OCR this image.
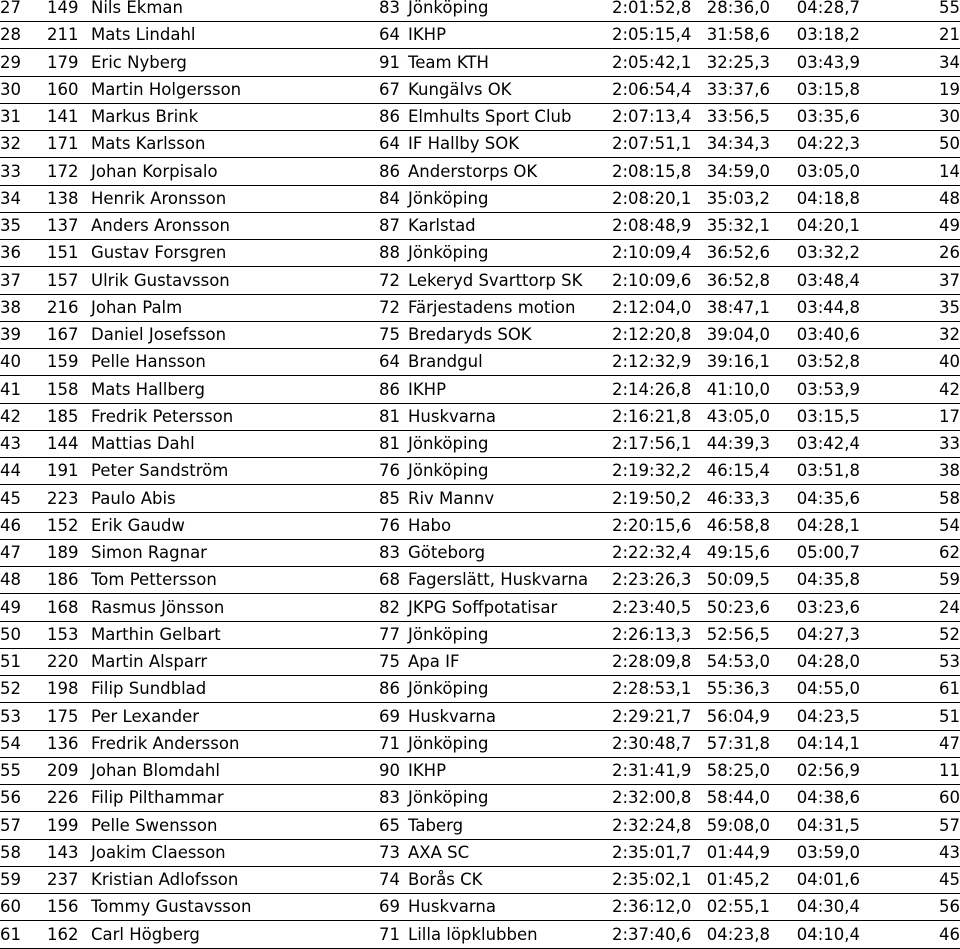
27	149 Nils Ekman	83 Jönköping	2:01:52,8 28:36,0	04:28,7	55
28	211 Mats Lindahl	64 IKHP	2:05:15,4 31:58,6	03:18,2	21
29	179 Eric Nyberg	91 Team KTH	2:05:42,1 32:25,3	03:43,9	34
30	160 Martin Holgersson	67 Kungälvs OK	2:06:54,4 33:37,6	03:15,8	19
31	141 Markus Brink	86 Elmhults Sport Club	2:07:13,4 33:56,5	03:35,6	30
32	171 Mats Karlsson	64 IF Hallby SOK	2:07:51,1 34:34,3	04:22,3	50
33	172 Johan Korpisalo	86 Anderstorps OK	2:08:15,8 34:59,0	03:05,0	14
34	138 Henrik Aronsson	84 Jönköping	2:08:20,1 35:03,2	04:18,8	48
35	137 Anders Aronsson	87 Karlstad	2:08:48,9 35:32,1	04:20,1	49
36	151 Gustav Forsgren	88 Jönköping	2:10:09,4 36:52,6	03:32,2	26
37	157 Ulrik Gustavsson	72 Lekeryd Svarttorp SK	2:10:09,6 36:52,8	03:48,4	37
38	216 Johan Palm	72 Färjestadens motion	2:12:04,0 38:47,1	03:44,8	35
39	167 Daniel Josefsson	75 Bredaryds SOK	2:12:20,8 39:04,0	03:40,6	32
40	159 Pelle Hansson	64 Brandgul	2:12:32,9 39:16,1	03:52,8	40
41	158 Mats Hallberg	86 IKHP	2:14:26,8 41:10,0	03:53,9	42
42	185 Fredrik Petersson	81 Huskvarna	2:16:21,8 43:05,0	03:15,5	17
43	144 Mattias Dahl	81 Jönköping	2:17:56,1 44:39,3	03:42,4	33
44	191 Peter Sandström	76 Jönköping	2:19:32,2 46:15,4	03:51,8	38
45	223 Paulo Abis	85 Riv Mannv	2:19:50,2 46:33,3	04:35,6	58
46	152 Erik Gaudw	76 Habo	2:20:15,6 46:58,8	04:28,1	54
47	189 Simon Ragnar	83 Göteborg	2:22:32,4 49:15,6	05:00,7	62
48	186 Tom Pettersson	68 Fagerslätt, Huskvarna	2:23:26,3 50:09,5	04:35,8	59
49	168 Rasmus Jönsson	82 JKPG Soffpotatisar	2:23:40,5 50:23,6	03:23,6	24
50	153 Marthin Gelbart	77 Jönköping	2:26:13,3 52:56,5	04:27,3	52
51	220 Martin Alsparr	75 Apa IF	2:28:09,8 54:53,0	04:28,0	53
52	198 Filip Sundblad	86 Jönköping	2:28:53,1 55:36,3	04:55,0	61
53	175 Per Lexander	69 Huskvarna	2:29:21,7 56:04,9	04:23,5	51
54	136 Fredrik Andersson	71 Jönköping	2:30:48,7 57:31,8	04:14,1	47
55	209 Johan Blomdahl	90 IKHP	2:31:41,9 58:25,0	02:56,9	11
56	226 Filip Pilthammar	83 Jönköping	2:32:00,8 58:44,0	04:38,6	60
57	199 Pelle Swensson	65 Taberg	2:32:24,8 59:08,0	04:31,5	57
58	143 Joakim Claesson	73 AXA SC	2:35:01,7 01:44,9	03:59,0	43
59	237 Kristian Adlofsson	74 Borås CK	2:35:02,1 01:45,2	04:01,6	45
60	156 Tommy Gustavsson	69 Huskvarna	2:36:12,0 02:55,1	04:30,4	56
61	162 Carl Högberg	71 Lilla löpklubben	2:37:40,6 04:23,8	04:10,4	46
